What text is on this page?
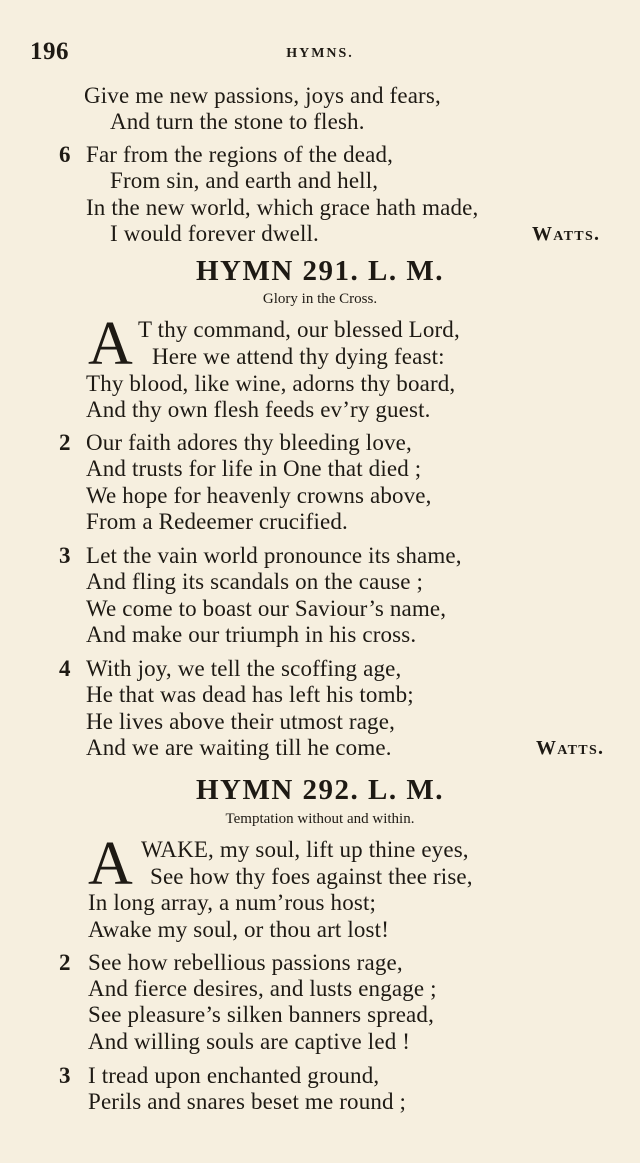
196	HYMNS.
Give me new passions, joys and fears,
And turn the stone to flesh.
6 Far from the regions of the dead,
From sin, and earth and hell,
In the new world, which grace hath made,
I would forever dwell.	Watts.
HYMN 291. L. M.
Glory in the Cross.
A T thy command, our blessed Lord,
Here we attend thy dying feast:
Thy blood, like wine, adorns thy board,
And thy own flesh feeds ev’ry guest.
2 Our faith adores thy bleeding love,
And trusts for life in One that died ;
We hope for heavenly crowns above,
From a Redeemer crucified.
3 Let the vain world pronounce its shame,
And fling its scandals on the cause ;
We come to boast our Saviour’s name,
And make our triumph in his cross.
4 With joy, we tell the scoffing age,
He that was dead has left his tomb;
He lives above their utmost rage,
And we are waiting till he come.	Watts.
HYMN 292. L. M.
Temptation without and within.
A WAKE, my soul, lift up thine eyes,
See how thy foes against thee rise,
In long array, a num’rous host;
Awake my soul, or thou art lost!
2 See how rebellious passions rage,
And fierce desires, and lusts engage ;
See pleasure’s silken banners spread,
And willing souls are captive led !
3 I tread upon enchanted ground,
Perils and snares beset me round ;
